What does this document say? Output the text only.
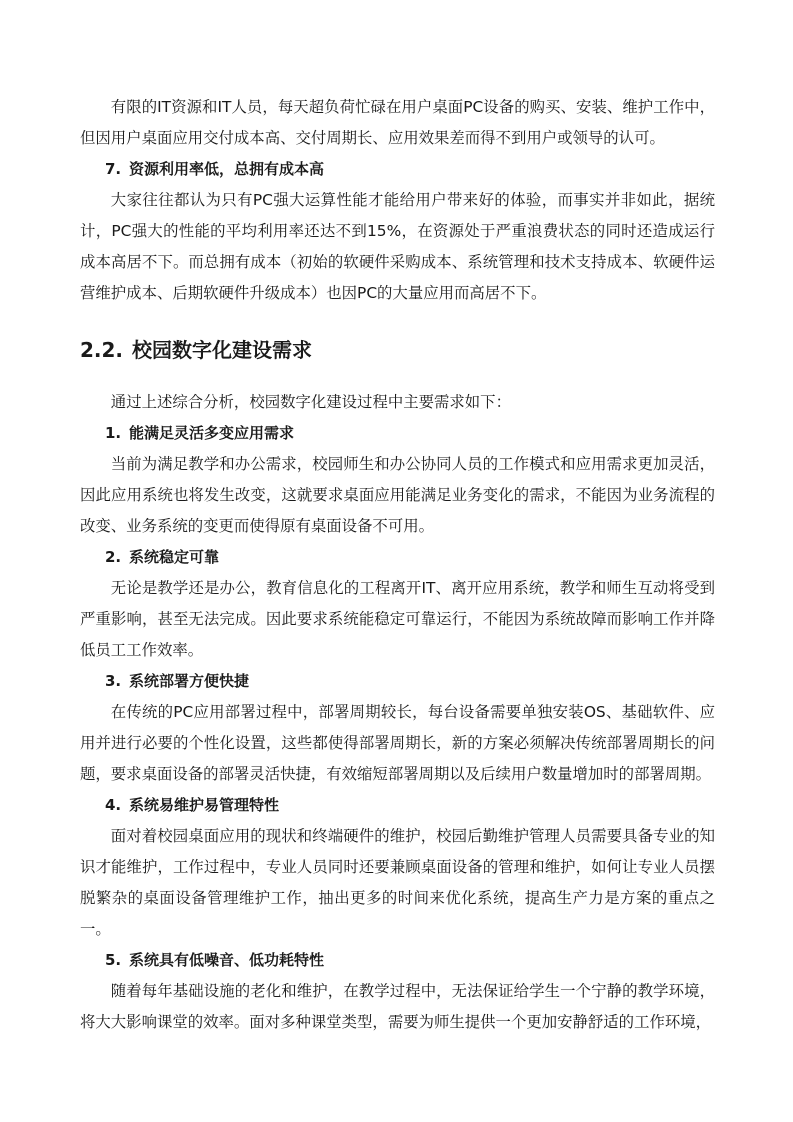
有限的IT资源和IT人员，每天超负荷忙碌在用户桌面PC设备的购买、安装、维护工作中，但因用户桌面应用交付成本高、交付周期长、应用效果差而得不到用户或领导的认可。

7. 资源利用率低，总拥有成本高

大家往往都认为只有PC强大运算性能才能给用户带来好的体验，而事实并非如此，据统计，PC强大的性能的平均利用率还达不到15%，在资源处于严重浪费状态的同时还造成运行成本高居不下。而总拥有成本（初始的软硬件采购成本、系统管理和技术支持成本、软硬件运营维护成本、后期软硬件升级成本）也因PC的大量应用而高居不下。

2.2. 校园数字化建设需求

通过上述综合分析，校园数字化建设过程中主要需求如下：

1. 能满足灵活多变应用需求

当前为满足教学和办公需求，校园师生和办公协同人员的工作模式和应用需求更加灵活，因此应用系统也将发生改变，这就要求桌面应用能满足业务变化的需求，不能因为业务流程的改变、业务系统的变更而使得原有桌面设备不可用。

2. 系统稳定可靠

无论是教学还是办公，教育信息化的工程离开IT、离开应用系统，教学和师生互动将受到严重影响，甚至无法完成。因此要求系统能稳定可靠运行，不能因为系统故障而影响工作并降低员工工作效率。

3. 系统部署方便快捷

在传统的PC应用部署过程中，部署周期较长，每台设备需要单独安装OS、基础软件、应用并进行必要的个性化设置，这些都使得部署周期长，新的方案必须解决传统部署周期长的问题，要求桌面设备的部署灵活快捷，有效缩短部署周期以及后续用户数量增加时的部署周期。

4. 系统易维护易管理特性

面对着校园桌面应用的现状和终端硬件的维护，校园后勤维护管理人员需要具备专业的知识才能维护，工作过程中，专业人员同时还要兼顾桌面设备的管理和维护，如何让专业人员摆脱繁杂的桌面设备管理维护工作，抽出更多的时间来优化系统，提高生产力是方案的重点之一。

5. 系统具有低噪音、低功耗特性

随着每年基础设施的老化和维护，在教学过程中，无法保证给学生一个宁静的教学环境，将大大影响课堂的效率。面对多种课堂类型，需要为师生提供一个更加安静舒适的工作环境，
